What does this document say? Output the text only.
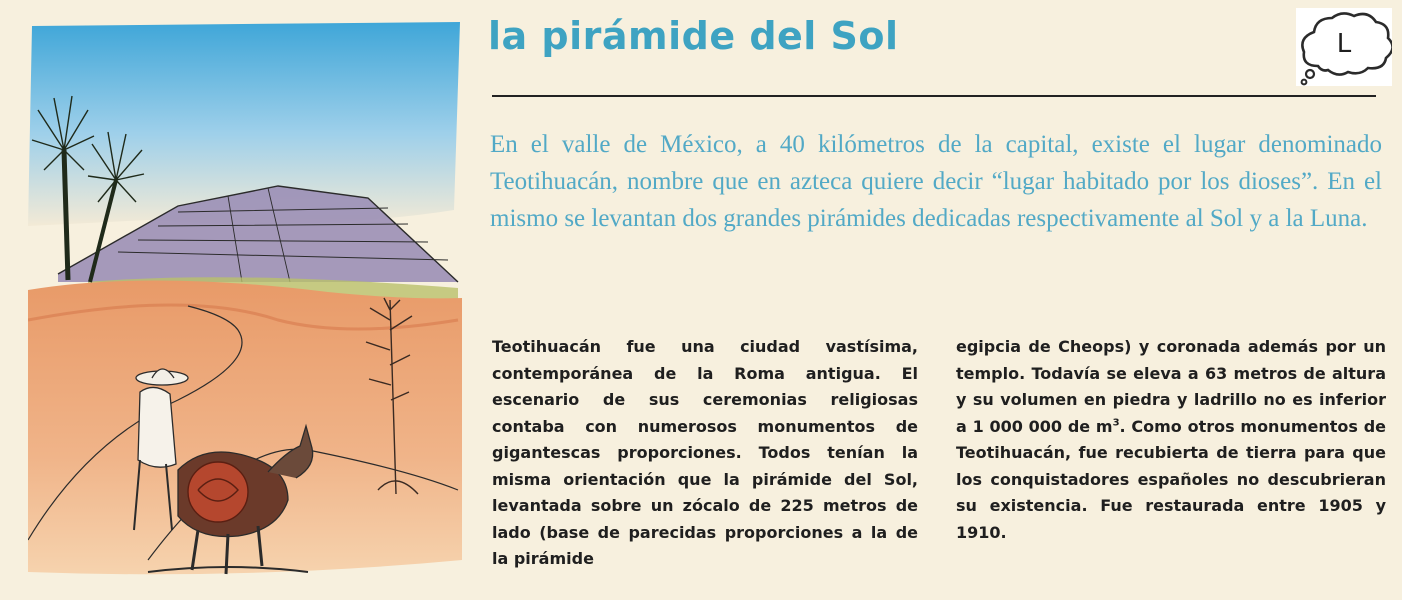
la pirámide del Sol	L

En el valle de México, a 40 kilómetros de la capital, existe el lugar denominado Teotihuacán, nombre que en azteca quiere decir “lugar habitado por los dioses”. En el mismo se levantan dos grandes pirámides dedicadas respectivamente al Sol y a la Luna.

Teotihuacán fue una ciudad vastísima, contemporánea de la Roma antigua. El escenario de sus ceremonias religiosas contaba con numerosos monumentos de gigantescas proporciones. Todos tenían la misma orientación que la pirámide del Sol, levantada sobre un zócalo de 225 metros de lado (base de parecidas proporciones a la de la pirámide

egipcia de Cheops) y coronada además por un templo. Todavía se eleva a 63 metros de altura y su volumen en piedra y ladrillo no es inferior a 1 000 000 de $m^3$. Como otros monumentos de Teotihuacán, fue recubierta de tierra para que los conquistadores españoles no descubrieran su existencia. Fue restaurada entre 1905 y 1910.
